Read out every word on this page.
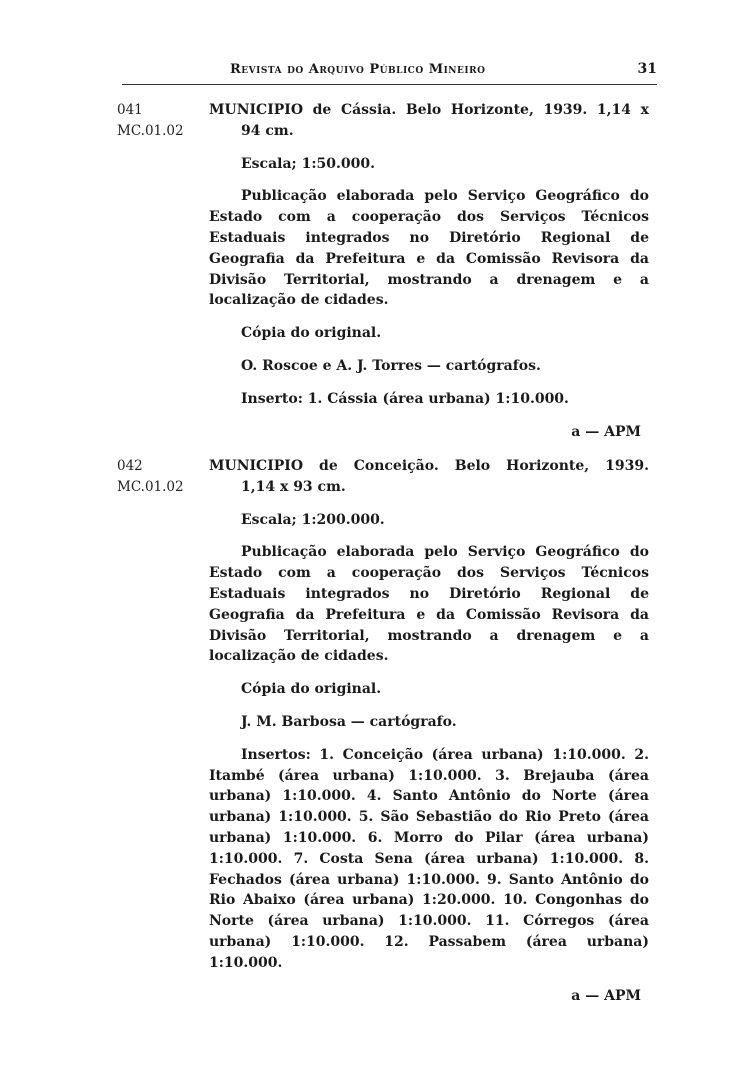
Revista do Arquivo Público Mineiro	31
041
MC.01.02
MUNICIPIO de Cássia. Belo Horizonte, 1939. 1,14 x
94 cm.

Escala; 1:50.000.

Publicação elaborada pelo Serviço Geográfico do Estado com a cooperação dos Serviços Técnicos Estaduais integrados no Diretório Regional de Geografia da Prefeitura e da Comissão Revisora da Divisão Territorial, mostrando a drenagem e a localização de cidades.

Cópia do original.

O. Roscoe e A. J. Torres — cartógrafos.

Inserto: 1. Cássia (área urbana) 1:10.000.

a — APM
042
MC.01.02
MUNICIPIO de Conceição. Belo Horizonte, 1939.
1,14 x 93 cm.

Escala; 1:200.000.

Publicação elaborada pelo Serviço Geográfico do Estado com a cooperação dos Serviços Técnicos Estaduais integrados no Diretório Regional de Geografia da Prefeitura e da Comissão Revisora da Divisão Territorial, mostrando a drenagem e a localização de cidades.

Cópia do original.

J. M. Barbosa — cartógrafo.

Insertos: 1. Conceição (área urbana) 1:10.000. 2. Itambé (área urbana) 1:10.000. 3. Brejauba (área urbana) 1:10.000. 4. Santo Antônio do Norte (área urbana) 1:10.000. 5. São Sebastião do Rio Preto (área urbana) 1:10.000. 6. Morro do Pilar (área urbana) 1:10.000. 7. Costa Sena (área urbana) 1:10.000. 8. Fechados (área urbana) 1:10.000. 9. Santo Antônio do Rio Abaixo (área urbana) 1:20.000. 10. Congonhas do Norte (área urbana) 1:10.000. 11. Córregos (área urbana) 1:10.000. 12. Passabem (área urbana) 1:10.000.

a — APM
